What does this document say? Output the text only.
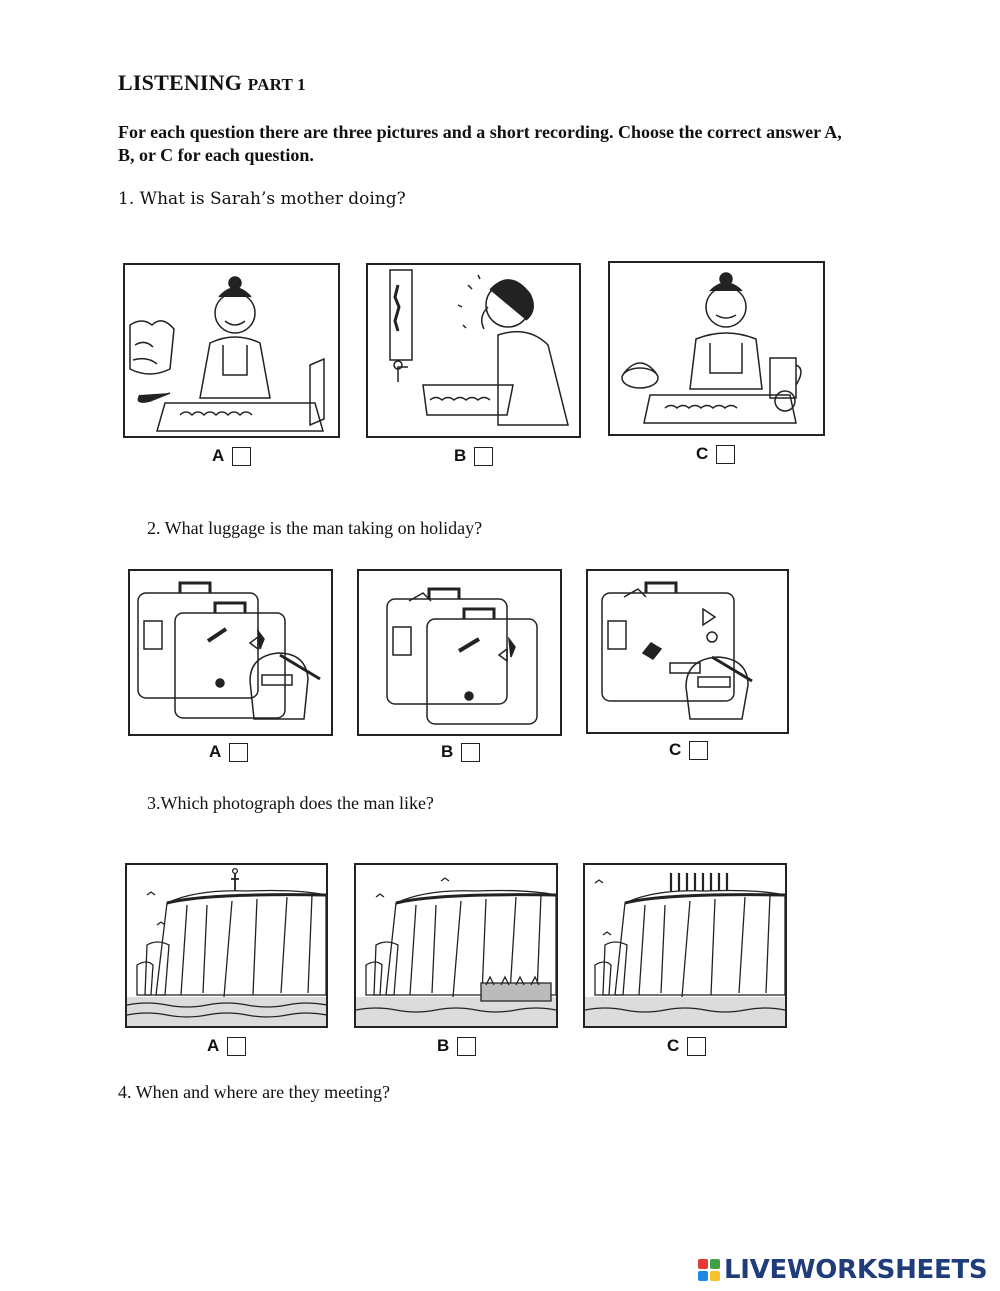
LISTENING PART 1
For each question there are three pictures and a short recording. Choose the correct answer A, B, or C for each question.
1. What is Sarah’s mother doing?
A	B	C
2. What luggage is the man taking on holiday?
A	B	C
3.Which photograph does the man like?
A	B	C
4. When and where are they meeting?
LIVEWORKSHEETS
